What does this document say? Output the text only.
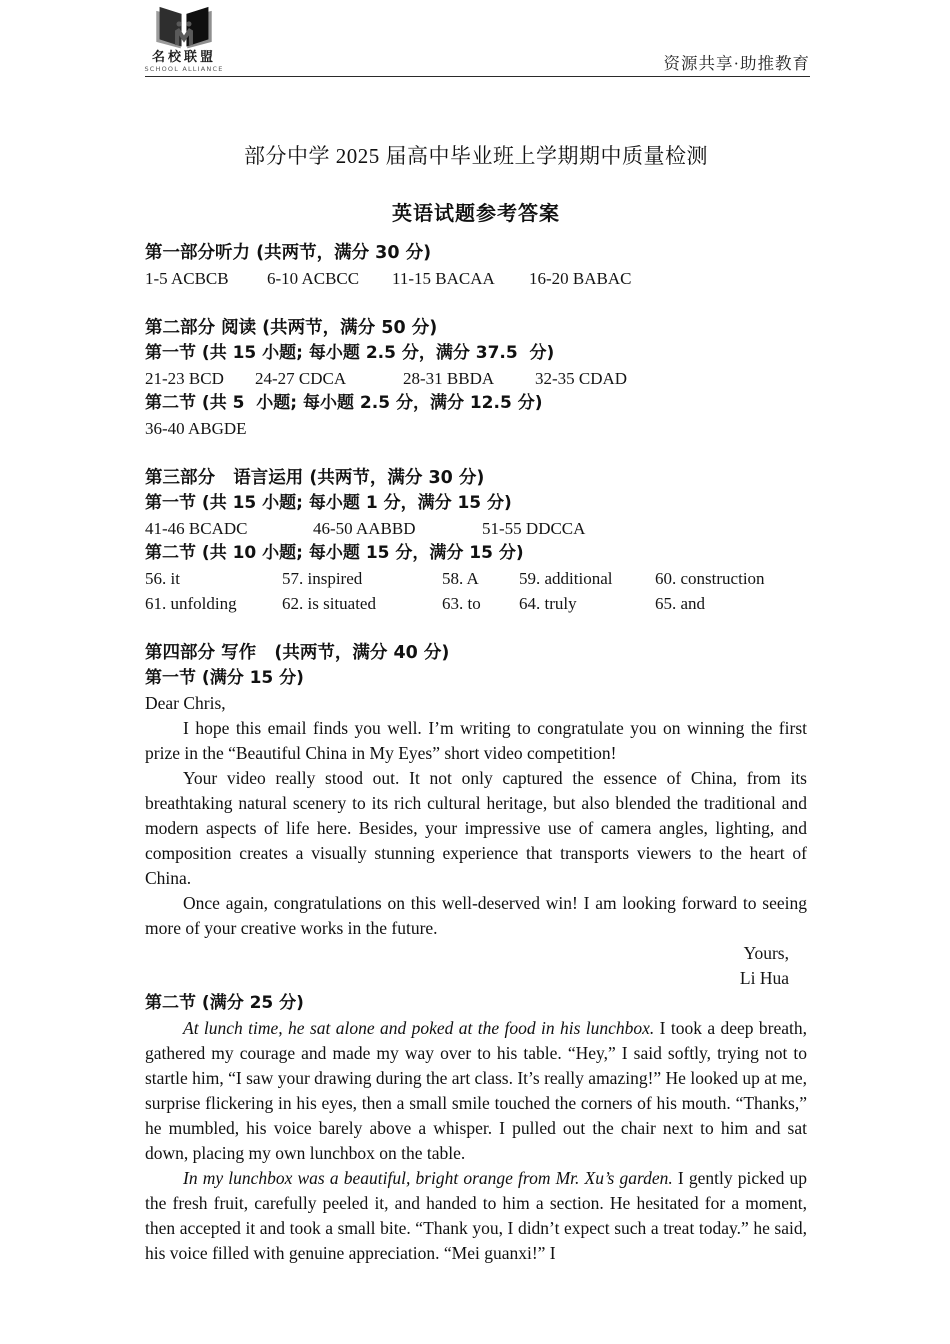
名校联盟
SCHOOL ALLIANCE	资源共享·助推教育
部分中学 2025 届高中毕业班上学期期中质量检测
英语试题参考答案
第一部分听力 (共两节，满分 30 分)
1-5 ACBCB 6-10 ACBCC 11-15 BACAA 16-20 BABAC
第二部分 阅读 (共两节，满分 50 分)
第一节 (共 15 小题; 每小题 2.5 分，满分 37.5  分)
21-23 BCD 24-27 CDCA	28-31 BBDA 32-35 CDAD
第二节 (共 5  小题; 每小题 2.5 分，满分 12.5 分)
36-40 ABGDE
第三部分   语言运用 (共两节，满分 30 分)
第一节 (共 15 小题; 每小题 1 分，满分 15 分)
41-46 BCADC	46-50 AABBD	51-55 DDCCA
第二节 (共 10 小题; 每小题 15 分，满分 15 分)
56. it	57. inspired	58. A 59. additional	60. construction
61. unfolding	62. is situated	63. to 64. truly	65. and
第四部分 写作   (共两节，满分 40 分)
第一节 (满分 15 分)

Dear Chris,

I hope this email finds you well. I’m writing to congratulate you on winning the first prize in the “Beautiful China in My Eyes” short video competition!

Your video really stood out. It not only captured the essence of China, from its breathtaking natural scenery to its rich cultural heritage, but also blended the traditional and modern aspects of life here. Besides, your impressive use of camera angles, lighting, and composition creates a visually stunning experience that transports viewers to the heart of China.

Once again, congratulations on this well-deserved win! I am looking forward to seeing more of your creative works in the future.

Yours,
Li Hua
第二节 (满分 25 分)

At lunch time, he sat alone and poked at the food in his lunchbox. I took a deep breath, gathered my courage and made my way over to his table. “Hey,” I said softly, trying not to startle him, “I saw your drawing during the art class. It’s really amazing!” He looked up at me, surprise flickering in his eyes, then a small smile touched the corners of his mouth. “Thanks,” he mumbled, his voice barely above a whisper. I pulled out the chair next to him and sat down, placing my own lunchbox on the table.

In my lunchbox was a beautiful, bright orange from Mr. Xu’s garden. I gently picked up the fresh fruit, carefully peeled it, and handed to him a section. He hesitated for a moment, then accepted it and took a small bite. “Thank you, I didn’t expect such a treat today.” he said, his voice filled with genuine appreciation. “Mei guanxi!” I
